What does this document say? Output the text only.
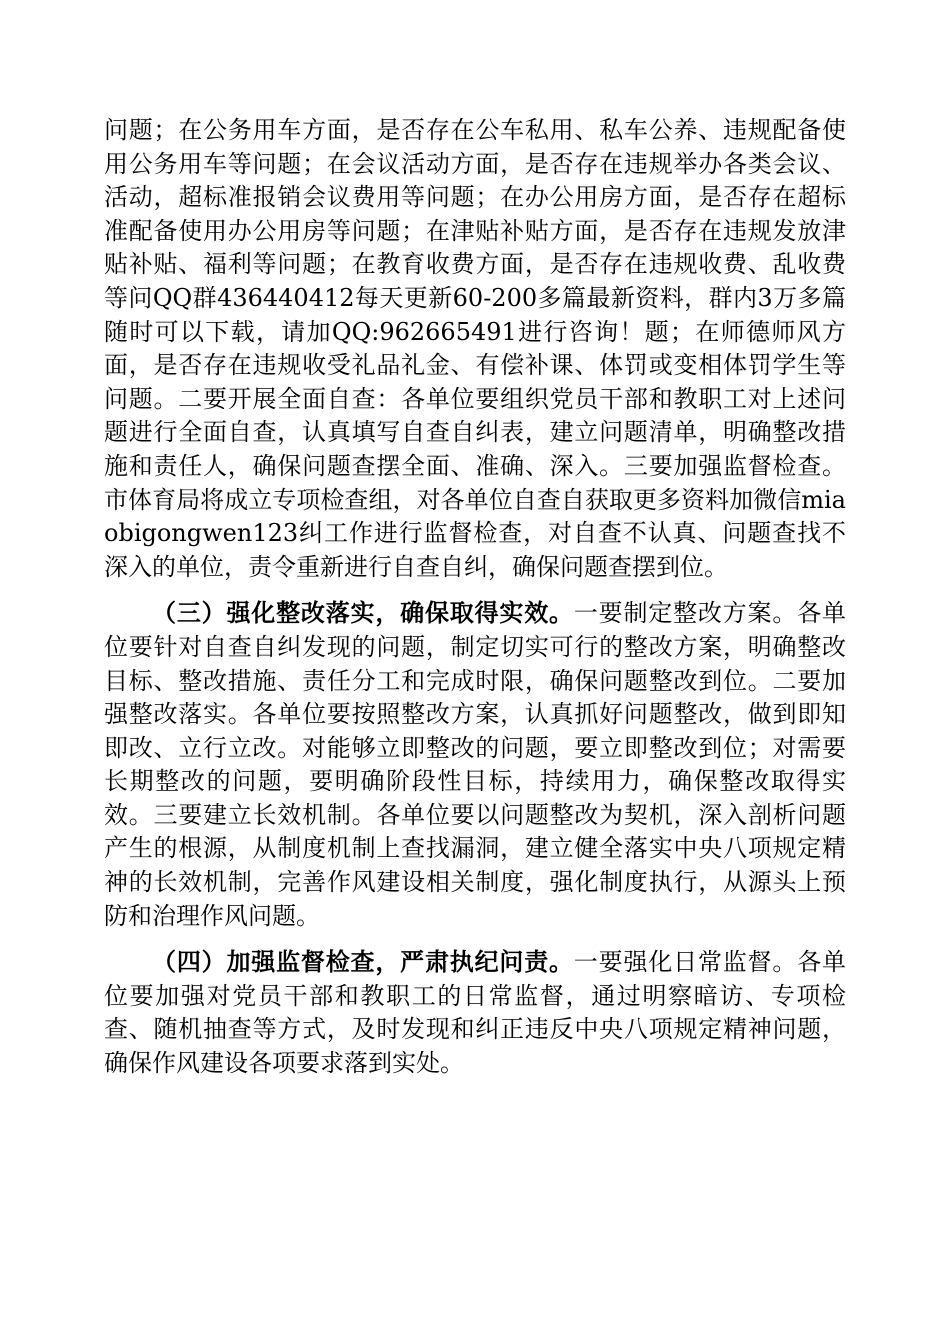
问题；在公务用车方面，是否存在公车私用、私车公养、违规配备使用公务用车等问题；在会议活动方面，是否存在违规举办各类会议、活动，超标准报销会议费用等问题；在办公用房方面，是否存在超标准配备使用办公用房等问题；在津贴补贴方面，是否存在违规发放津贴补贴、福利等问题；在教育收费方面，是否存在违规收费、乱收费等问QQ群436440412每天更新60-200多篇最新资料，群内3万多篇随时可以下载，请加QQ:962665491进行咨询！题；在师德师风方面，是否存在违规收受礼品礼金、有偿补课、体罚或变相体罚学生等问题。二要开展全面自查：各单位要组织党员干部和教职工对上述问题进行全面自查，认真填写自查自纠表，建立问题清单，明确整改措施和责任人，确保问题查摆全面、准确、深入。三要加强监督检查。市体育局将成立专项检查组，对各单位自查自获取更多资料加微信miaobigongwen123纠工作进行监督检查，对自查不认真、问题查找不深入的单位，责令重新进行自查自纠，确保问题查摆到位。

（三）强化整改落实，确保取得实效。一要制定整改方案。各单位要针对自查自纠发现的问题，制定切实可行的整改方案，明确整改目标、整改措施、责任分工和完成时限，确保问题整改到位。二要加强整改落实。各单位要按照整改方案，认真抓好问题整改，做到即知即改、立行立改。对能够立即整改的问题，要立即整改到位；对需要长期整改的问题，要明确阶段性目标，持续用力，确保整改取得实效。三要建立长效机制。各单位要以问题整改为契机，深入剖析问题产生的根源，从制度机制上查找漏洞，建立健全落实中央八项规定精神的长效机制，完善作风建设相关制度，强化制度执行，从源头上预防和治理作风问题。

（四）加强监督检查，严肃执纪问责。一要强化日常监督。各单位要加强对党员干部和教职工的日常监督，通过明察暗访、专项检查、随机抽查等方式，及时发现和纠正违反中央八项规定精神问题，确保作风建设各项要求落到实处。
